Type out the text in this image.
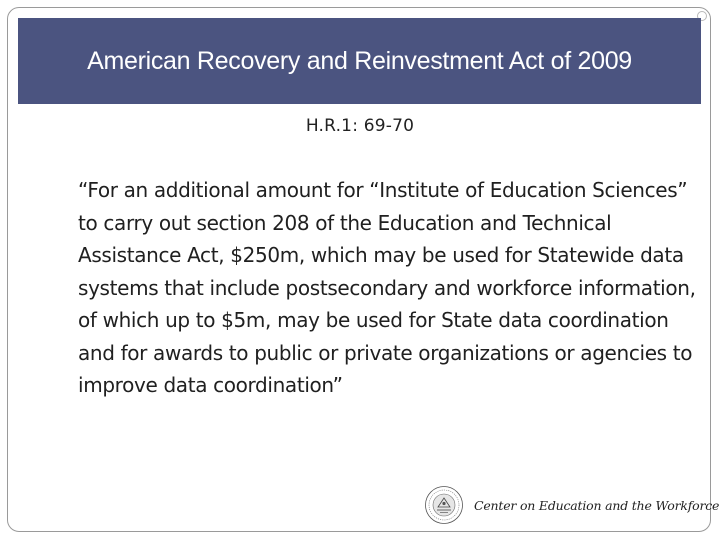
American Recovery and Reinvestment Act of 2009
H.R.1: 69-70
“For an additional amount for “Institute of Education Sciences” to carry out section 208 of the Education and Technical Assistance Act, $250m, which may be used for Statewide data systems that include postsecondary and workforce information, of which up to $5m, may be used for State data coordination and for awards to public or private organizations or agencies to improve data coordination”
Center on Education and the Workforce
